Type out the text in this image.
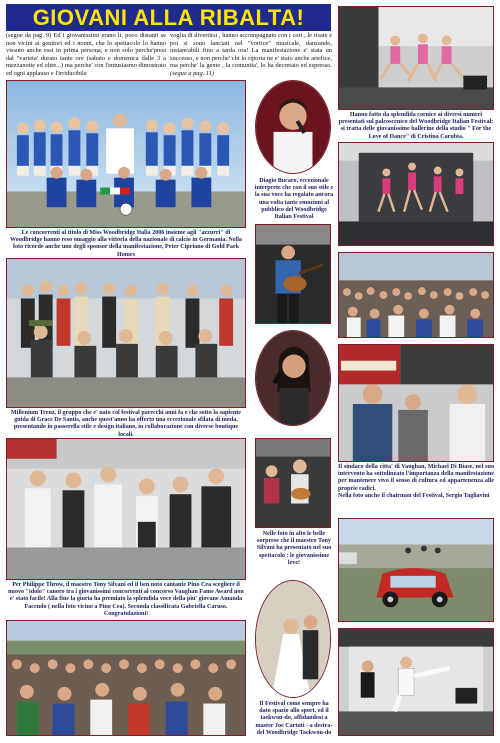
GIOVANI ALLA RIBALTA!
(segue da pag. 9) Ed i giovanissimi erano li, poco distanti se non vicini ai genitori ed i nonni, che lo spettacolo lo hanno vissuto anche essi in prima persona, e non solo perche'presi dal "varieta' durato tante ore (sabato e domenica dalle 3 a mezzanotte ed oltre...) ma perche' con l'entusiasmo dimostrato ed ogni applauso e l'irriducibile
voglia di divertirsi , hanno accompagnato con i cori , le risate e poi si sono lanciati nel "vortice" musicale, danzando, instancabili fino a tarda ora! La manifestazione e' stata un successo, e non perche' chi lo riporta ne e' stato anche artefice, ma perche' la gente , la comunita', lo ha decretato ed espresso. (segue a pag. 11)
Le concorrenti al titolo di Miss Woodbridge Italia 2006 insieme agli "azzurri" di Woodbridge hanno reso omaggio alla vittoria della nazionale di calcio in Germania. Nella foto ricorde anche uno degli sponsor della manifestazione, Peter Cipriano di Gold Park Homes
Diagio Bucaro, eccezionale interprete che con il suo stile e la sua voce ha regalato ancora una volta tante emozioni al pubblico del Woodbridge Italian Festival
Hanno fatto da splendida cornice ai diversi numeri presentati sul palcoscenico del Woodbridge Italian Festival: si tratta delle giovanissime ballerine della studio " For the Love of Dance" di Cristina Carubia.
Millenium Trenz, il gruppo che e' nato col festival parecchi anni fa e che sotto la sapiente guida di Grace De Santis, anche quest'anno ha offerto una eccezionale sfilata di moda, presentando in passerella stile e design italiano, in collaborazione con diverse boutique locali.
Il sindaco della citta' di Vaughan, Michael Di Biase, nel suo intervento ha sottolineato l'importanza della manifestazione per mantenere vivo il senso di cultura ed appartenenza alle proprie radici.
Nella foto anche il chairman del Festival, Sergio Tagliavini
Per Philippe Throw, il maestro Tony Silvani ed il ben noto cantante Pino Cea scegliere il nuovo "idolo" canoro tra i giovanissimi concorrenti al concorso Vaughan Fame Award non e' stato facile! Alla fine la giuria ha premiato la splendida voce della piu' giovane Amanda Facendo ( nella foto vicino a Pino Cea). Seconda classificata Gabriella Caruso. Congratulazioni!
Nelle foto in alto le belle sorprese che il maestro Tony Silvani ha presentato nel suo spettacolo : le giovanissime leve!
Il Festival come sempre ha dato spazio allo sport, ed il taekwon-do, affidandosi a master Joe Cartuti - a destra-del Woodbridge Taekwon-do
